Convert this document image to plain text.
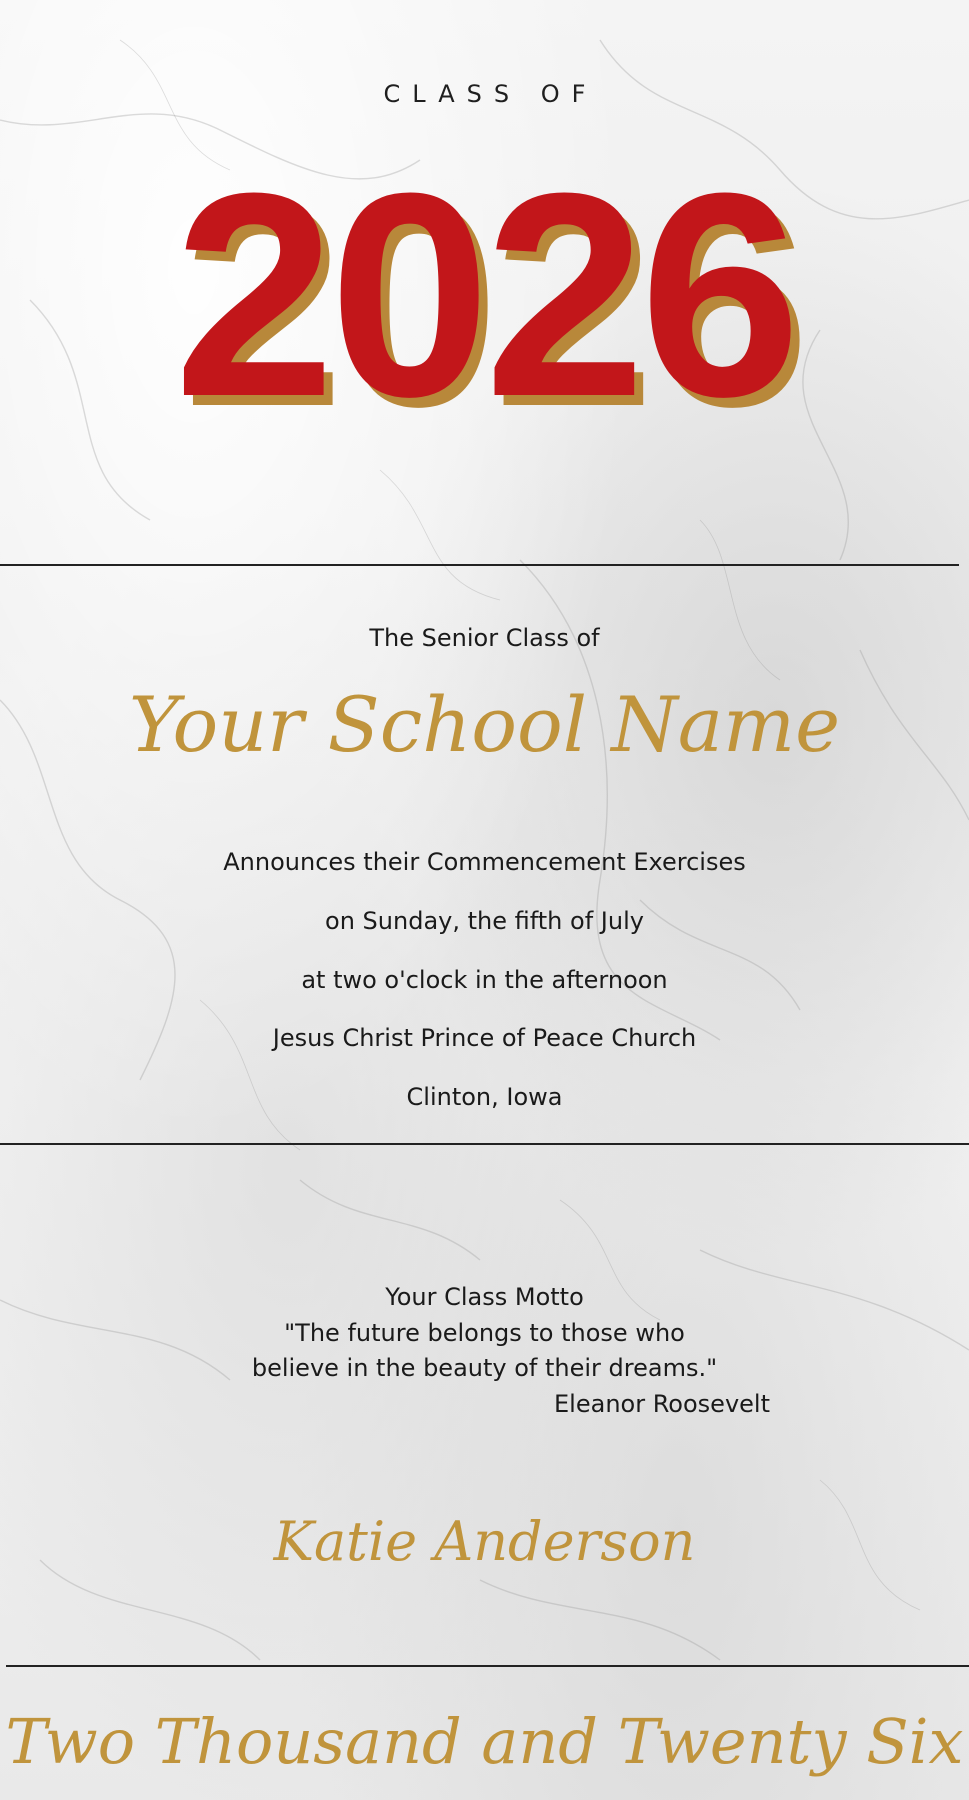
CLASS OF
2026
The Senior Class of
Your School Name
Announces their Commencement Exercises
on Sunday, the fifth of July
at two o'clock in the afternoon
Jesus Christ Prince of Peace Church
Clinton, Iowa
Your Class Motto
"The future belongs to those who
believe in the beauty of their dreams."
Eleanor Roosevelt
Katie Anderson
Two Thousand and Twenty Six
